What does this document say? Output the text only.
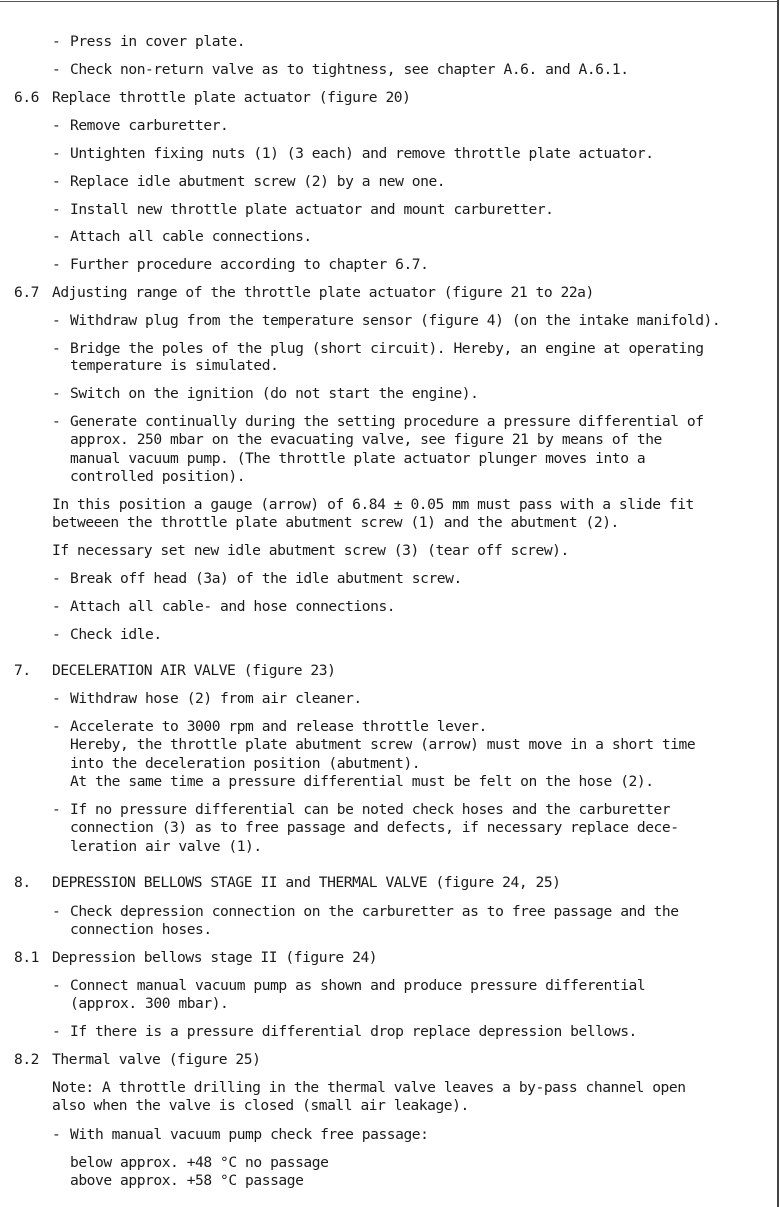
- Press in cover plate.
- Check non-return valve as to tightness, see chapter A.6. and A.6.1.
6.6 Replace throttle plate actuator (figure 20)
- Remove carburetter.
- Untighten fixing nuts (1) (3 each) and remove throttle plate actuator.
- Replace idle abutment screw (2) by a new one.
- Install new throttle plate actuator and mount carburetter.
- Attach all cable connections.
- Further procedure according to chapter 6.7.
6.7 Adjusting range of the throttle plate actuator (figure 21 to 22a)
- Withdraw plug from the temperature sensor (figure 4) (on the intake manifold).
- Bridge the poles of the plug (short circuit). Hereby, an engine at operating
temperature is simulated.
- Switch on the ignition (do not start the engine).
- Generate continually during the setting procedure a pressure differential of
approx. 250 mbar on the evacuating valve, see figure 21 by means of the
manual vacuum pump. (The throttle plate actuator plunger moves into a
controlled position).
In this position a gauge (arrow) of 6.84 ± 0.05 mm must pass with a slide fit
betweeen the throttle plate abutment screw (1) and the abutment (2).
If necessary set new idle abutment screw (3) (tear off screw).
- Break off head (3a) of the idle abutment screw.
- Attach all cable- and hose connections.
- Check idle.
7.	DECELERATION AIR VALVE (figure 23)
- Withdraw hose (2) from air cleaner.
- Accelerate to 3000 rpm and release throttle lever.
Hereby, the throttle plate abutment screw (arrow) must move in a short time
into the deceleration position (abutment).
At the same time a pressure differential must be felt on the hose (2).
- If no pressure differential can be noted check hoses and the carburetter
connection (3) as to free passage and defects, if necessary replace dece-
leration air valve (1).
8.	DEPRESSION BELLOWS STAGE II and THERMAL VALVE (figure 24, 25)
- Check depression connection on the carburetter as to free passage and the
connection hoses.
8.1 Depression bellows stage II (figure 24)
- Connect manual vacuum pump as shown and produce pressure differential
(approx. 300 mbar).
- If there is a pressure differential drop replace depression bellows.
8.2 Thermal valve (figure 25)
Note: A throttle drilling in the thermal valve leaves a by-pass channel open
also when the valve is closed (small air leakage).
- With manual vacuum pump check free passage:
below approx. +48 °C no passage
above approx. +58 °C passage
